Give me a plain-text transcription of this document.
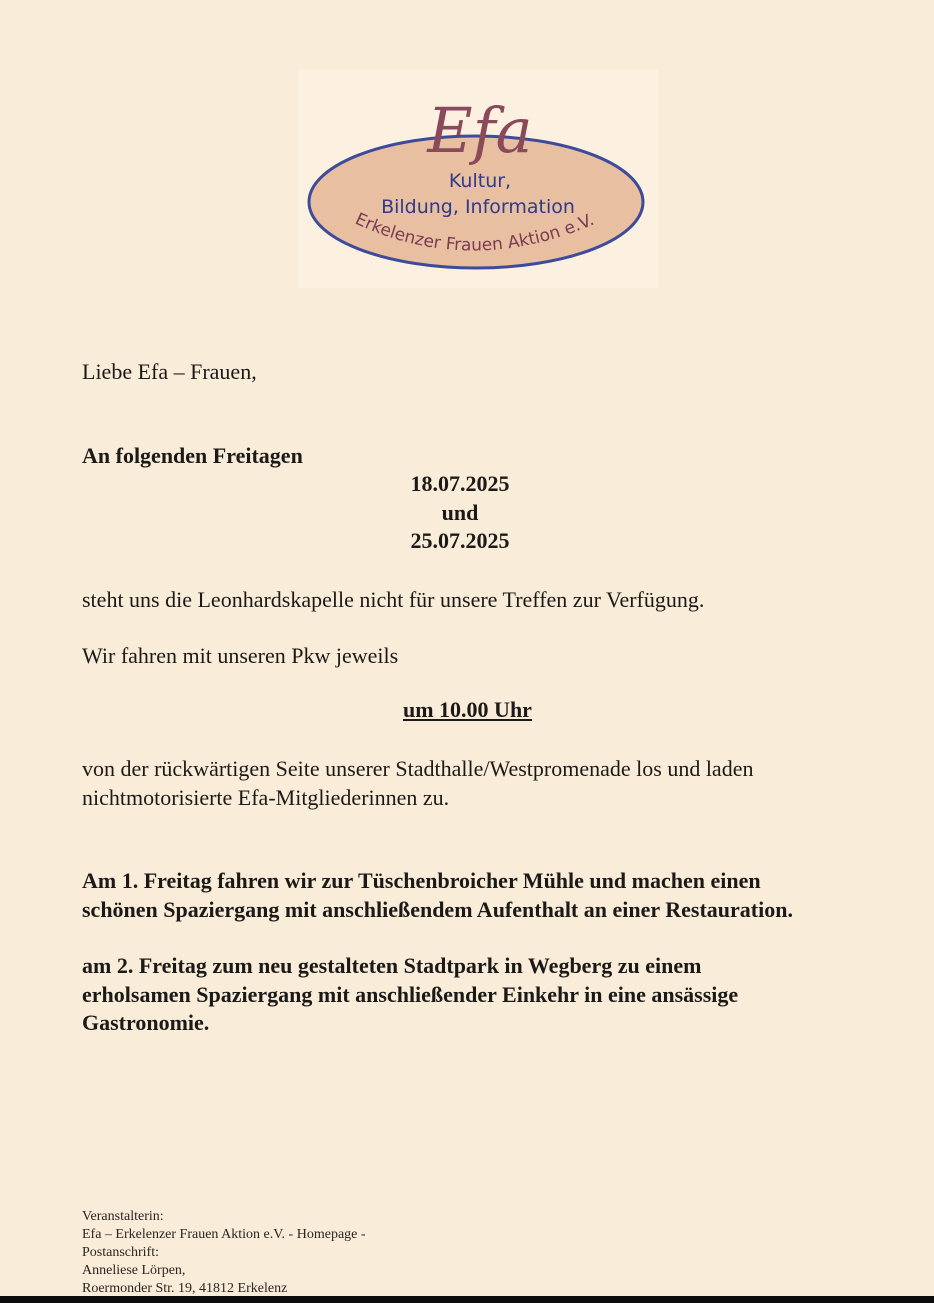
Efa
Kultur,
Bildung, Information
Erkelenzer Frauen Aktion e.V.
Liebe Efa – Frauen,
An folgenden Freitagen
18.07.2025
und
25.07.2025
steht uns die Leonhardskapelle nicht für unsere Treffen zur Verfügung.
Wir fahren mit unseren Pkw jeweils
um 10.00 Uhr
von der rückwärtigen Seite unserer Stadthalle/Westpromenade los und laden
nichtmotorisierte Efa-Mitgliederinnen zu.
Am 1. Freitag fahren wir zur Tüschenbroicher Mühle und machen einen
schönen Spaziergang mit anschließendem Aufenthalt an einer Restauration.
am 2. Freitag zum neu gestalteten Stadtpark in Wegberg zu einem
erholsamen Spaziergang mit anschließender Einkehr in eine ansässige
Gastronomie.
Veranstalterin:
Efa – Erkelenzer Frauen Aktion e.V. - Homepage -
Postanschrift:
Anneliese Lörpen,
Roermonder Str. 19, 41812 Erkelenz
